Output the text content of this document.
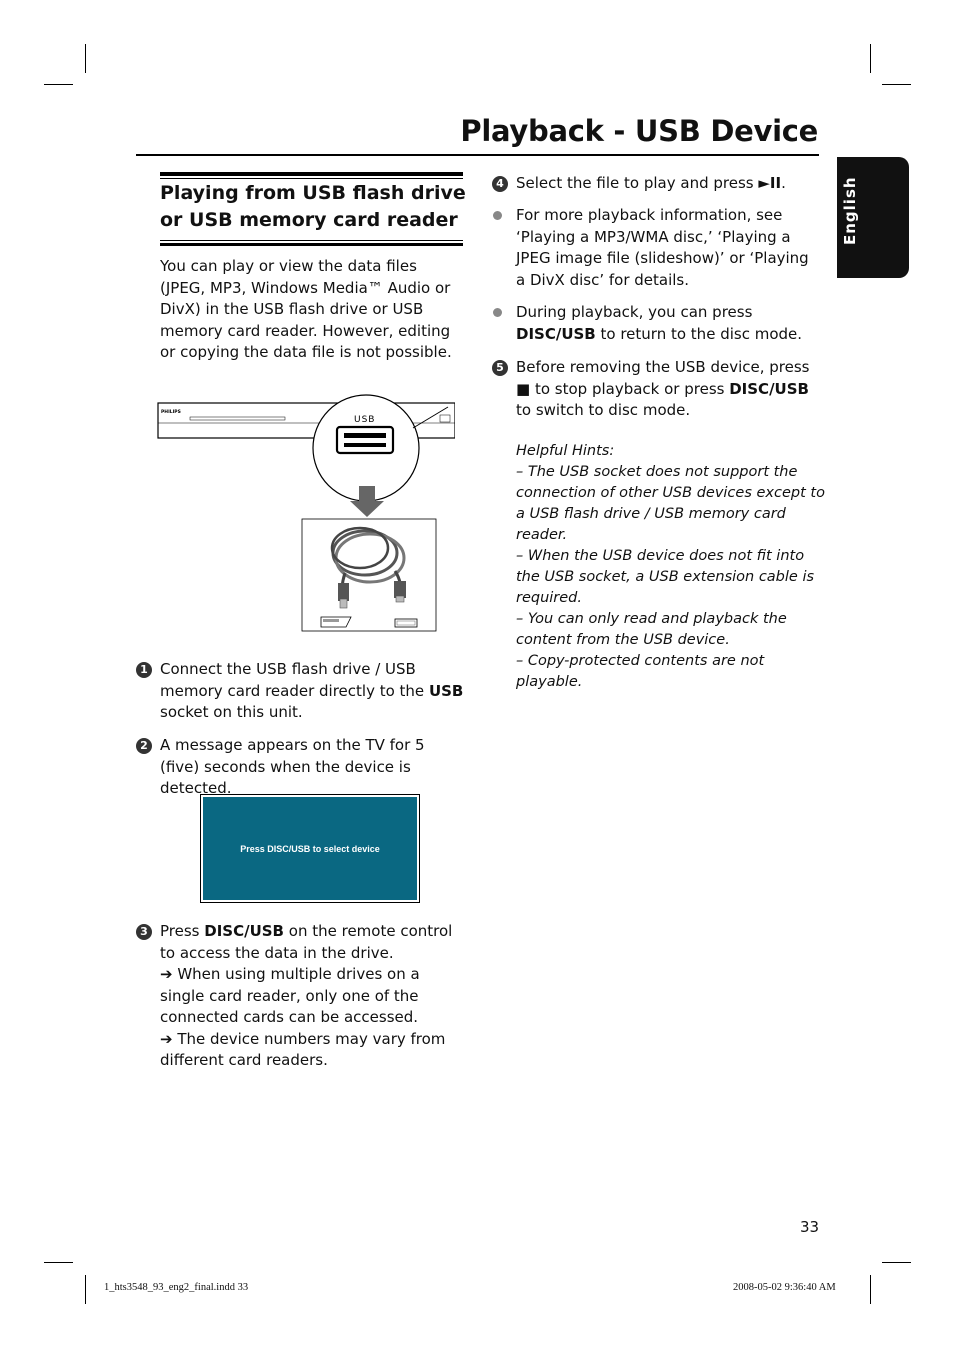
Playback - USB Device
English
Playing from USB flash drive or USB memory card reader
You can play or view the data files (JPEG, MP3, Windows Media™ Audio or DivX) in the USB flash drive or USB memory card reader. However, editing or copying the data file is not possible.
PHILIPS
USB
1 Connect the USB flash drive / USB memory card reader directly to the USB socket on this unit.
2 A message appears on the TV for 5 (five) seconds when the device is detected.
Press DISC/USB to select device
3 Press DISC/USB on the remote control to access the data in the drive.
➔ When using multiple drives on a single card reader, only one of the connected cards can be accessed.
➔ The device numbers may vary from different card readers.
4 Select the file to play and press ►II.
For more playback information, see ‘Playing a MP3/WMA disc,’ ‘Playing a JPEG image file (slideshow)’ or ‘Playing a DivX disc’ for details.
During playback, you can press DISC/USB to return to the disc mode.
5 Before removing the USB device, press ■ to stop playback or press DISC/USB to switch to disc mode.
Helpful Hints:
– The USB socket does not support the connection of other USB devices except to a USB flash drive / USB memory card reader.
– When the USB device does not fit into the USB socket, a USB extension cable is required.
– You can only read and playback the content from the USB device.
– Copy-protected contents are not playable.
33
1_hts3548_93_eng2_final.indd 33	2008-05-02 9:36:40 AM
